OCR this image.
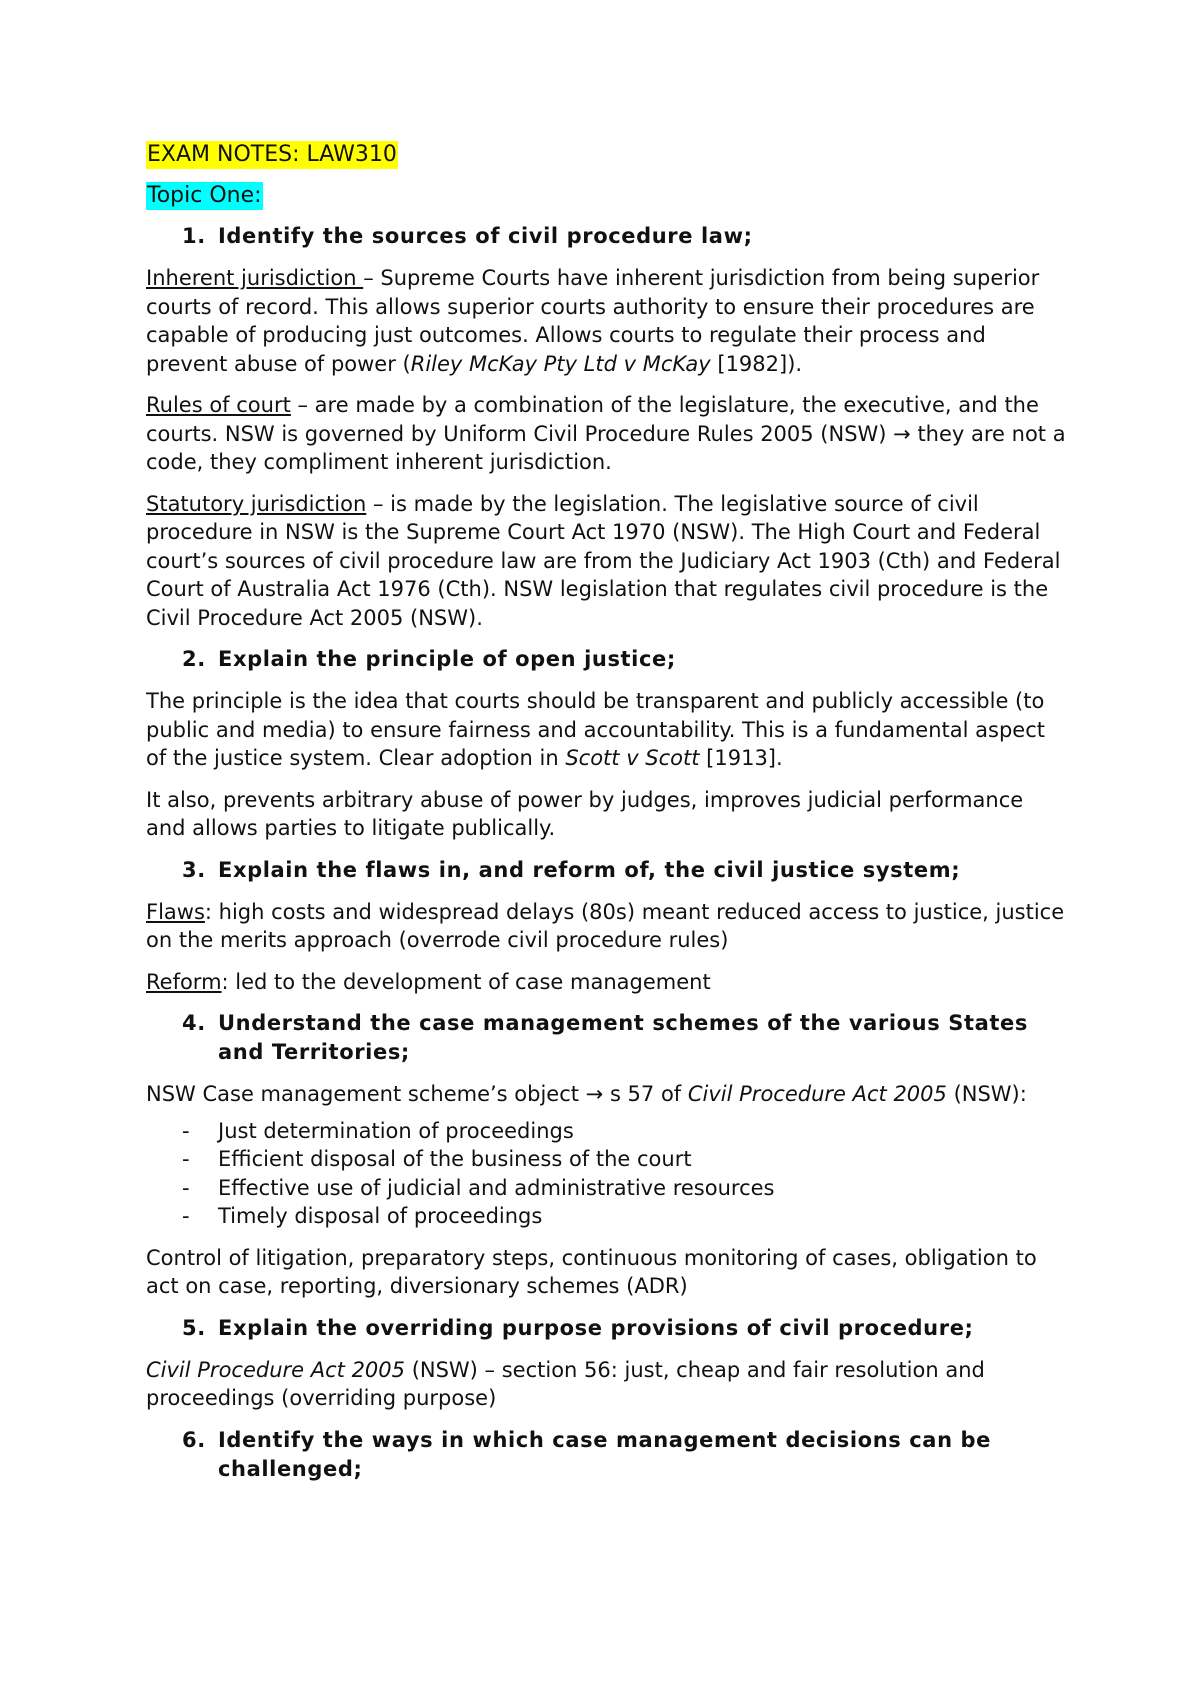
EXAM NOTES: LAW310
Topic One:
1. Identify the sources of civil procedure law;

Inherent jurisdiction – Supreme Courts have inherent jurisdiction from being superior courts of record. This allows superior courts authority to ensure their procedures are capable of producing just outcomes. Allows courts to regulate their process and prevent abuse of power (Riley McKay Pty Ltd v McKay [1982]).

Rules of court – are made by a combination of the legislature, the executive, and the courts. NSW is governed by Uniform Civil Procedure Rules 2005 (NSW) → they are not a code, they compliment inherent jurisdiction.

Statutory jurisdiction – is made by the legislation. The legislative source of civil procedure in NSW is the Supreme Court Act 1970 (NSW). The High Court and Federal court’s sources of civil procedure law are from the Judiciary Act 1903 (Cth) and Federal Court of Australia Act 1976 (Cth). NSW legislation that regulates civil procedure is the Civil Procedure Act 2005 (NSW).

2. Explain the principle of open justice;

The principle is the idea that courts should be transparent and publicly accessible (to public and media) to ensure fairness and accountability. This is a fundamental aspect of the justice system. Clear adoption in Scott v Scott [1913].

It also, prevents arbitrary abuse of power by judges, improves judicial performance and allows parties to litigate publically.

3. Explain the flaws in, and reform of, the civil justice system;

Flaws: high costs and widespread delays (80s) meant reduced access to justice, justice on the merits approach (overrode civil procedure rules)

Reform: led to the development of case management

4. Understand the case management schemes of the various States and Territories;

NSW Case management scheme’s object → s 57 of Civil Procedure Act 2005 (NSW):

-	Just determination of proceedings
-	Efficient disposal of the business of the court
-	Effective use of judicial and administrative resources
-	Timely disposal of proceedings

Control of litigation, preparatory steps, continuous monitoring of cases, obligation to act on case, reporting, diversionary schemes (ADR)

5. Explain the overriding purpose provisions of civil procedure;

Civil Procedure Act 2005 (NSW) – section 56: just, cheap and fair resolution and proceedings (overriding purpose)

6. Identify the ways in which case management decisions can be challenged;
